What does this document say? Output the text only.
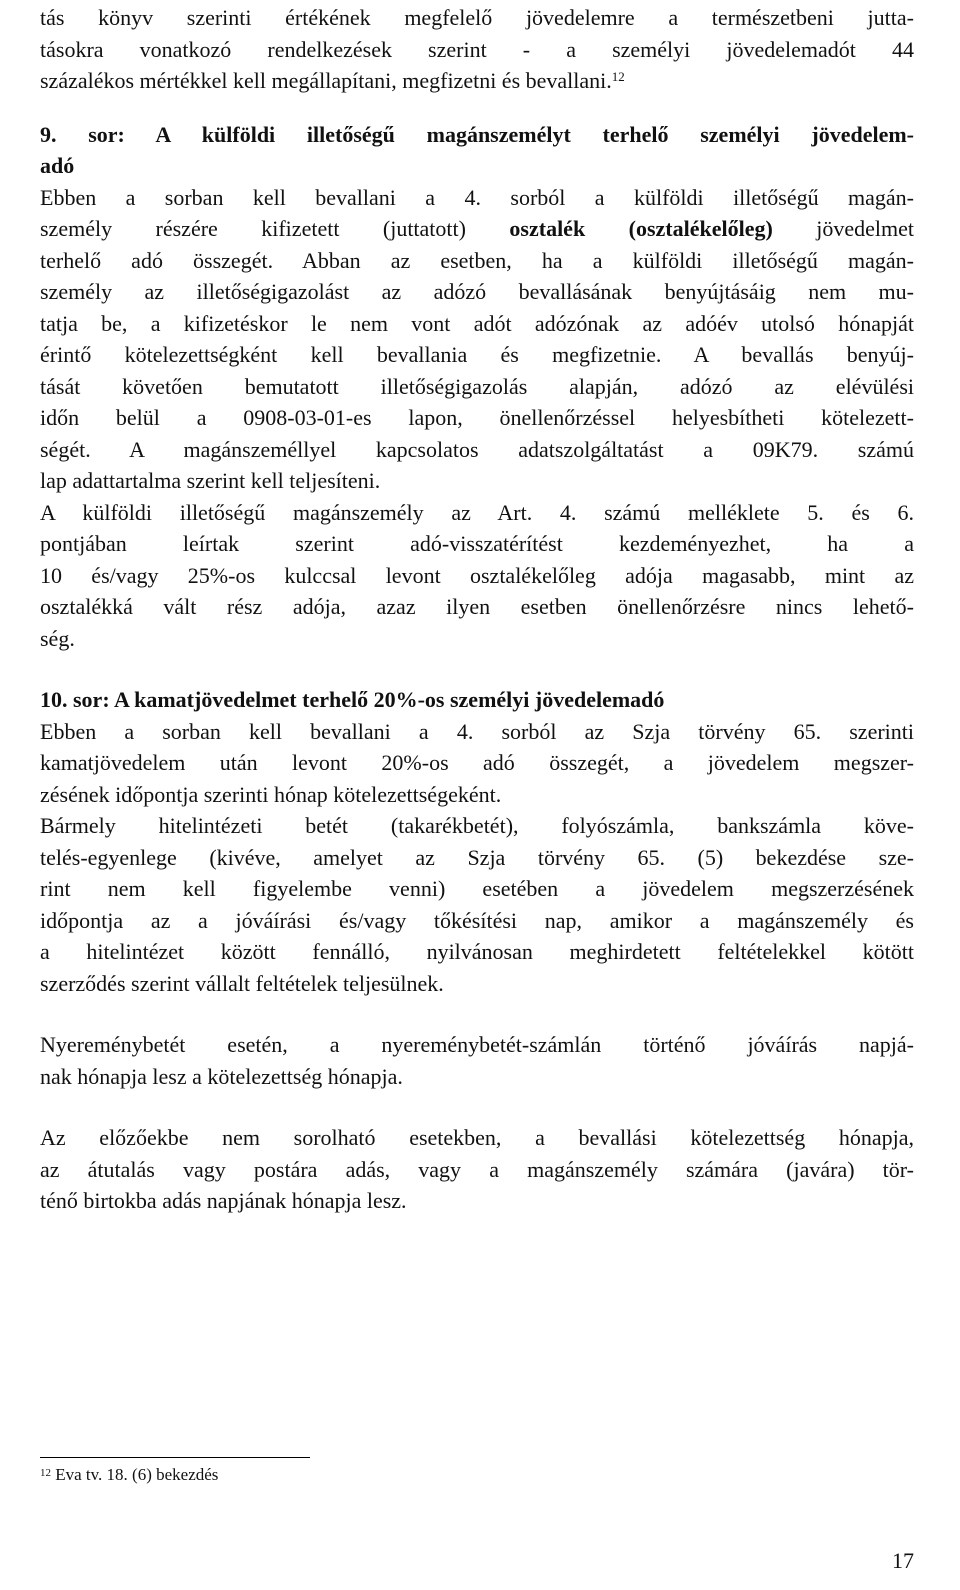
tás könyv szerinti értékének megfelelő jövedelemre a természetbeni jutta-
tásokra vonatkozó rendelkezések szerint - a személyi jövedelemadót 44
százalékos mértékkel kell megállapítani, megfizetni és bevallani.$^{12}$

9. sor: A külföldi illetőségű magánszemélyt terhelő személyi jövedelem-
adó

Ebben a sorban kell bevallani a 4. sorból a külföldi illetőségű magán-
személy részére kifizetett (juttatott) osztalék (osztalékelőleg) jövedelmet
terhelő adó összegét. Abban az esetben, ha a külföldi illetőségű magán-
személy az illetőségigazolást az adózó bevallásának benyújtásáig nem mu-
tatja be, a kifizetéskor le nem vont adót adózónak az adóév utolsó hónapját
érintő kötelezettségként kell bevallania és megfizetnie. A bevallás benyúj-
tását követően bemutatott illetőségigazolás alapján, adózó az elévülési
időn belül a 0908-03-01-es lapon, önellenőrzéssel helyesbítheti kötelezett-
ségét. A magánszeméllyel kapcsolatos adatszolgáltatást a 09K79. számú
lap adattartalma szerint kell teljesíteni.

A külföldi illetőségű magánszemély az Art. 4. számú melléklete 5. és 6.
pontjában leírtak szerint adó-visszatérítést kezdeményezhet, ha a
10 és/vagy 25%-os kulccsal levont osztalékelőleg adója magasabb, mint az
osztalékká vált rész adója, azaz ilyen esetben önellenőrzésre nincs lehető-
ség.

10. sor: A kamatjövedelmet terhelő 20%-os személyi jövedelemadó

Ebben a sorban kell bevallani a 4. sorból az Szja törvény 65. szerinti
kamatjövedelem után levont 20%-os adó összegét, a jövedelem megszer-
zésének időpontja szerinti hónap kötelezettségeként.

Bármely hitelintézeti betét (takarékbetét), folyószámla, bankszámla köve-
telés-egyenlege (kivéve, amelyet az Szja törvény 65. (5) bekezdése sze-
rint nem kell figyelembe venni) esetében a jövedelem megszerzésének
időpontja az a jóváírási és/vagy tőkésítési nap, amikor a magánszemély és
a hitelintézet között fennálló, nyilvánosan meghirdetett feltételekkel kötött
szerződés szerint vállalt feltételek teljesülnek.

Nyereménybetét esetén, a nyereménybetét-számlán történő jóváírás napjá-
nak hónapja lesz a kötelezettség hónapja.

Az előzőekbe nem sorolható esetekben, a bevallási kötelezettség hónapja,
az átutalás vagy postára adás, vagy a magánszemély számára (javára) tör-
ténő birtokba adás napjának hónapja lesz.

$^{12}$ Eva tv. 18. (6) bekezdés
17
